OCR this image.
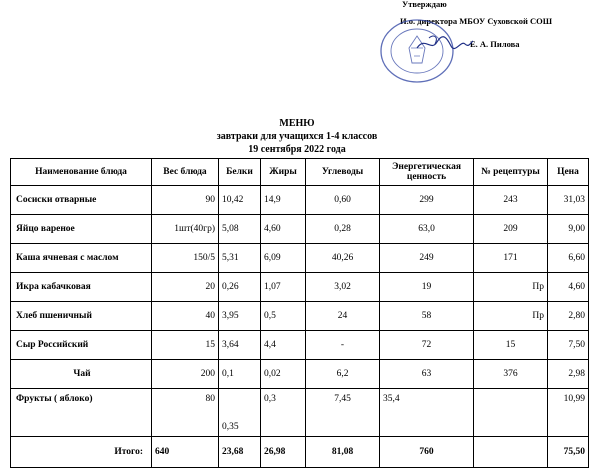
Утверждаю
И.о. директора МБОУ Суховской СОШ
Е. А. Пилова
МЕНЮ
завтраки для учащихся 1-4 классов
19 сентября 2022 года
Наименование блюда	Вес блюда	Белки	Жиры	Углеводы	Энергетическая ценность	№ рецептуры	Цена
Сосиски отварные	90	10,42	14,9	0,60	299	243	31,03
Яйцо вареное	1шт(40гр)	5,08	4,60	0,28	63,0	209	9,00
Каша ячневая с маслом	150/5	5,31	6,09	40,26	249	171	6,60
Икра кабачковая	20	0,26	1,07	3,02	19	Пр	4,60
Хлеб пшеничный	40	3,95	0,5	24	58	Пр	2,80
Сыр Российский	15	3,64	4,4	-	72	15	7,50
Чай	200	0,1	0,02	6,2	63	376	2,98
Фрукты ( яблоко)	80	0,35	0,3	7,45	35,4		10,99
Итого:	640	23,68	26,98	81,08	760		75,50
